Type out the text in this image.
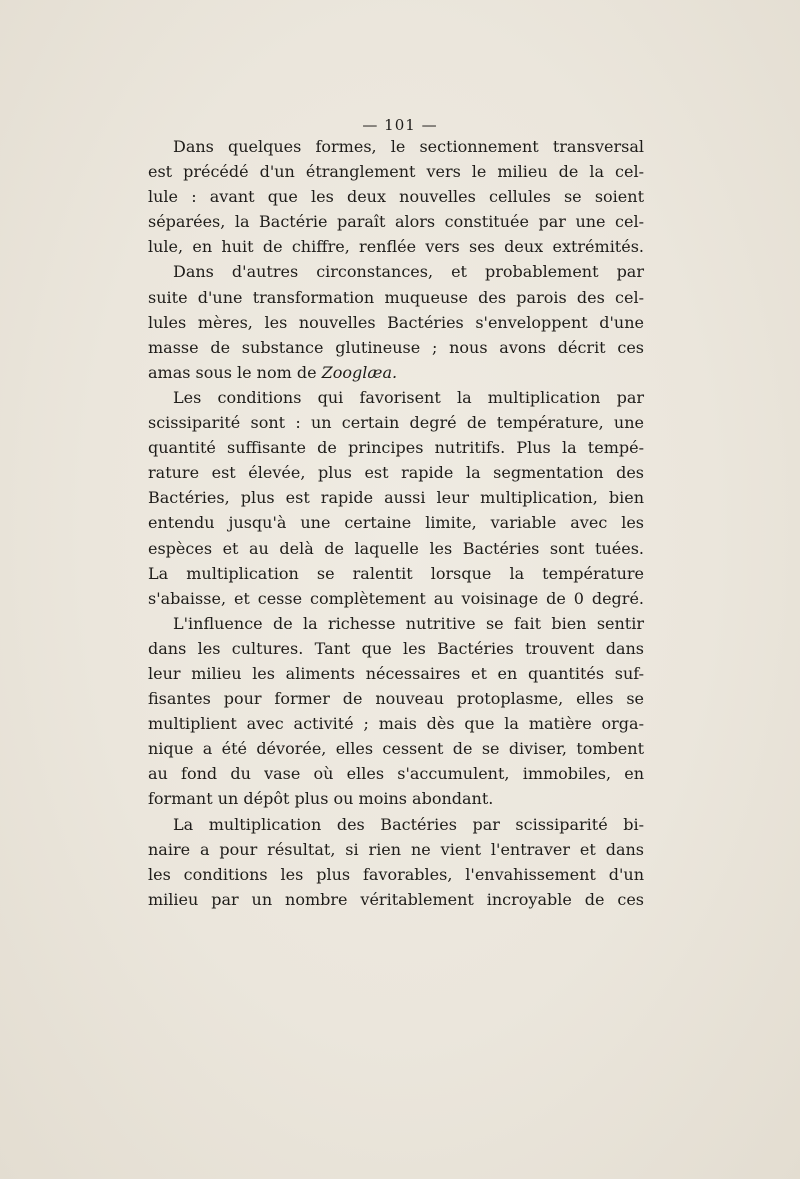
— 101 —
Dans quelques formes, le sectionnement transversal
est précédé d'un étranglement vers le milieu de la cel-
lule : avant que les deux nouvelles cellules se soient
séparées, la Bactérie paraît alors constituée par une cel-
lule, en huit de chiffre, renflée vers ses deux extrémités.
Dans d'autres circonstances, et probablement par
suite d'une transformation muqueuse des parois des cel-
lules mères, les nouvelles Bactéries s'enveloppent d'une
masse de substance glutineuse ; nous avons décrit ces
amas sous le nom de Zooglæa.
Les conditions qui favorisent la multiplication par
scissiparité sont : un certain degré de température, une
quantité suffisante de principes nutritifs. Plus la tempé-
rature est élevée, plus est rapide la segmentation des
Bactéries, plus est rapide aussi leur multiplication, bien
entendu jusqu'à une certaine limite, variable avec les
espèces et au delà de laquelle les Bactéries sont tuées.
La multiplication se ralentit lorsque la température
s'abaisse, et cesse complètement au voisinage de 0 degré.
L'influence de la richesse nutritive se fait bien sentir
dans les cultures. Tant que les Bactéries trouvent dans
leur milieu les aliments nécessaires et en quantités suf-
fisantes pour former de nouveau protoplasme, elles se
multiplient avec activité ; mais dès que la matière orga-
nique a été dévorée, elles cessent de se diviser, tombent
au fond du vase où elles s'accumulent, immobiles, en
formant un dépôt plus ou moins abondant.
La multiplication des Bactéries par scissiparité bi-
naire a pour résultat, si rien ne vient l'entraver et dans
les conditions les plus favorables, l'envahissement d'un
milieu par un nombre véritablement incroyable de ces
